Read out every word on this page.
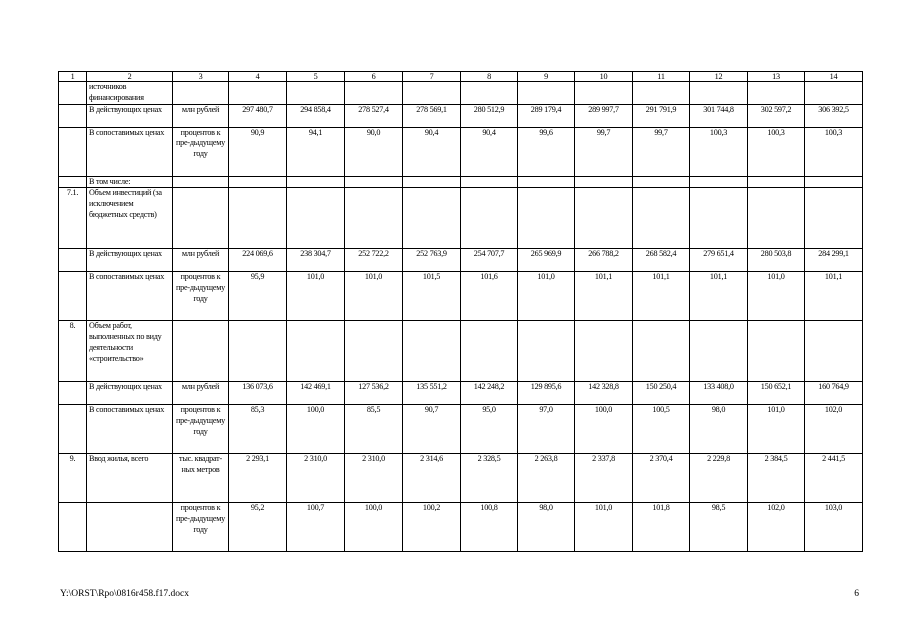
1	2	3	4	5	6	7	8	9	10	11	12	13	14
	источников финансирования												
	В действующих ценах	млн рублей	297 480,7	294 858,4	278 527,4	278 569,1	280 512,9	289 179,4	289 997,7	291 791,9	301 744,8	302 597,2	306 392,5
	В сопоставимых ценах	процентов к пре-дыдущему году	90,9	94,1	90,0	90,4	90,4	99,6	99,7	99,7	100,3	100,3	100,3
	В том числе:												
7.1.	Объем инвестиций (за исключением бюджетных средств)												
	В действующих ценах	млн рублей	224 069,6	238 304,7	252 722,2	252 763,9	254 707,7	265 969,9	266 788,2	268 582,4	279 651,4	280 503,8	284 299,1
	В сопоставимых ценах	процентов к пре-дыдущему году	95,9	101,0	101,0	101,5	101,6	101,0	101,1	101,1	101,1	101,0	101,1
8.	Объем работ, выполненных по виду деятельности «строительство»												
	В действующих ценах	млн рублей	136 073,6	142 469,1	127 536,2	135 551,2	142 248,2	129 895,6	142 328,8	150 250,4	133 408,0	150 652,1	160 764,9
	В сопоставимых ценах	процентов к пре-дыдущему году	85,3	100,0	85,5	90,7	95,0	97,0	100,0	100,5	98,0	101,0	102,0
9.	Ввод жилья, всего	тыс. квадрат-ных метров	2 293,1	2 310,0	2 310,0	2 314,6	2 328,5	2 263,8	2 337,8	2 370,4	2 229,8	2 384,5	2 441,5
		процентов к пре-дыдущему году	95,2	100,7	100,0	100,2	100,8	98,0	101,0	101,8	98,5	102,0	103,0
Y:\ORST\Rpo\0816r458.f17.docx	6
